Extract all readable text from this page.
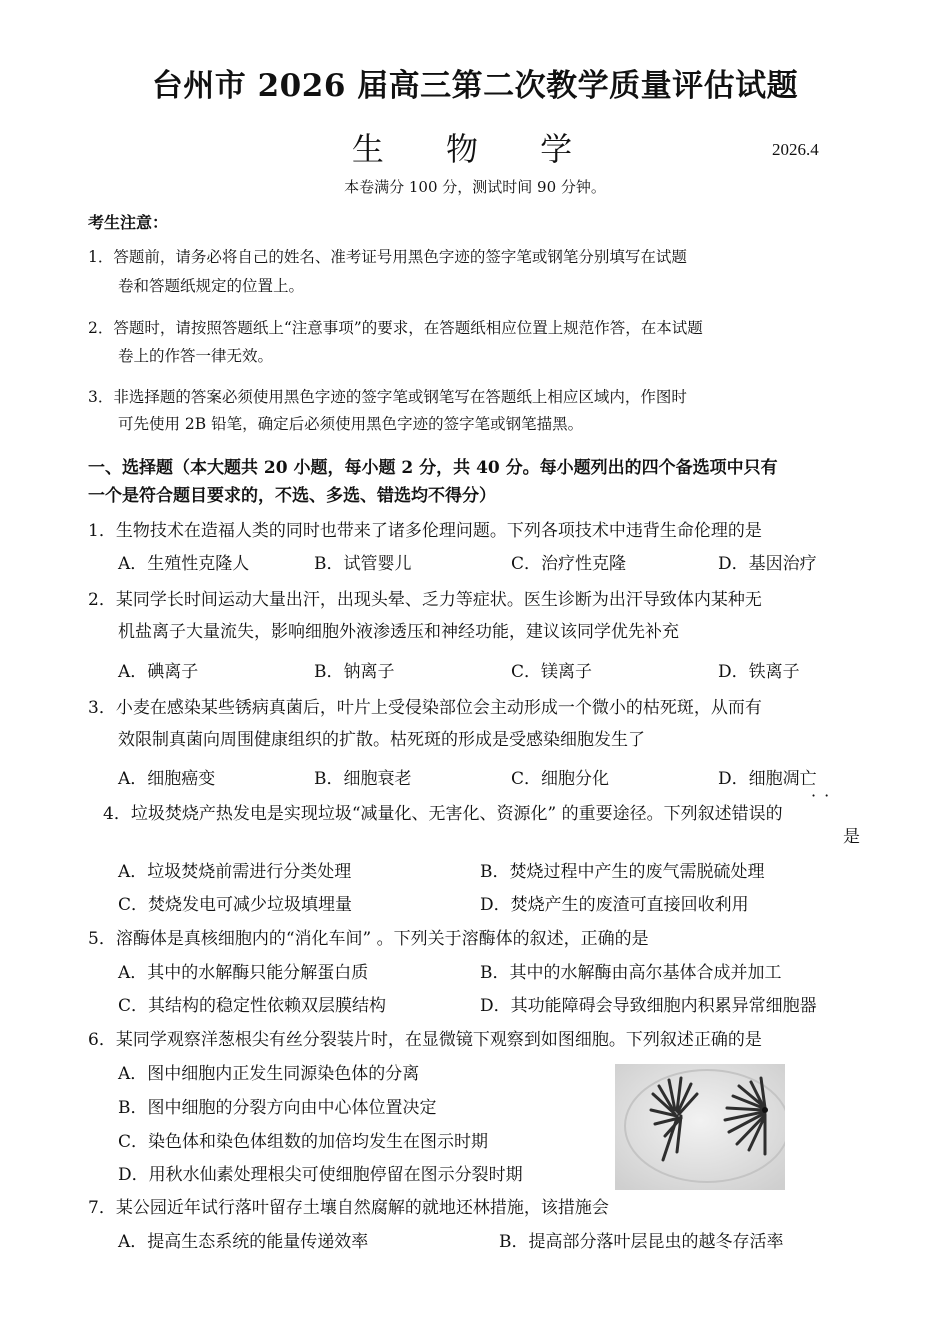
台州市 2026 届高三第二次教学质量评估试题
生 物 学	2026.4
本卷满分 100 分，测试时间 90 分钟。
考生注意：
1．答题前，请务必将自己的姓名、准考证号用黑色字迹的签字笔或钢笔分别填写在试题
卷和答题纸规定的位置上。
2．答题时，请按照答题纸上“注意事项”的要求，在答题纸相应位置上规范作答，在本试题
卷上的作答一律无效。
3．非选择题的答案必须使用黑色字迹的签字笔或钢笔写在答题纸上相应区域内，作图时
可先使用 2B 铅笔，确定后必须使用黑色字迹的签字笔或钢笔描黑。
一、选择题（本大题共 20 小题，每小题 2 分，共 40 分。每小题列出的四个备选项中只有
一个是符合题目要求的，不选、多选、错选均不得分）
1．生物技术在造福人类的同时也带来了诸多伦理问题。下列各项技术中违背生命伦理的是
A．生殖性克隆人	B．试管婴儿	C．治疗性克隆	D．基因治疗
2．某同学长时间运动大量出汗，出现头晕、乏力等症状。医生诊断为出汗导致体内某种无
机盐离子大量流失，影响细胞外液渗透压和神经功能，建议该同学优先补充
A．碘离子	B．钠离子	C．镁离子	D．铁离子
3．小麦在感染某些锈病真菌后，叶片上受侵染部位会主动形成一个微小的枯死斑，从而有
效限制真菌向周围健康组织的扩散。枯死斑的形成是受感染细胞发生了
A．细胞癌变	B．细胞衰老	C．细胞分化	D．细胞凋亡
··
4．垃圾焚烧产热发电是实现垃圾“减量化、无害化、资源化” 的重要途径。下列叙述错误的
是
A．垃圾焚烧前需进行分类处理	B．焚烧过程中产生的废气需脱硫处理
C．焚烧发电可减少垃圾填埋量	D．焚烧产生的废渣可直接回收利用
5．溶酶体是真核细胞内的“消化车间” 。下列关于溶酶体的叙述，正确的是
A．其中的水解酶只能分解蛋白质	B．其中的水解酶由高尔基体合成并加工
C．其结构的稳定性依赖双层膜结构	D．其功能障碍会导致细胞内积累异常细胞器
6．某同学观察洋葱根尖有丝分裂装片时，在显微镜下观察到如图细胞。下列叙述正确的是
A．图中细胞内正发生同源染色体的分离
B．图中细胞的分裂方向由中心体位置决定
C．染色体和染色体组数的加倍均发生在图示时期
D．用秋水仙素处理根尖可使细胞停留在图示分裂时期
7．某公园近年试行落叶留存土壤自然腐解的就地还林措施，该措施会
A．提高生态系统的能量传递效率	B．提高部分落叶层昆虫的越冬存活率
